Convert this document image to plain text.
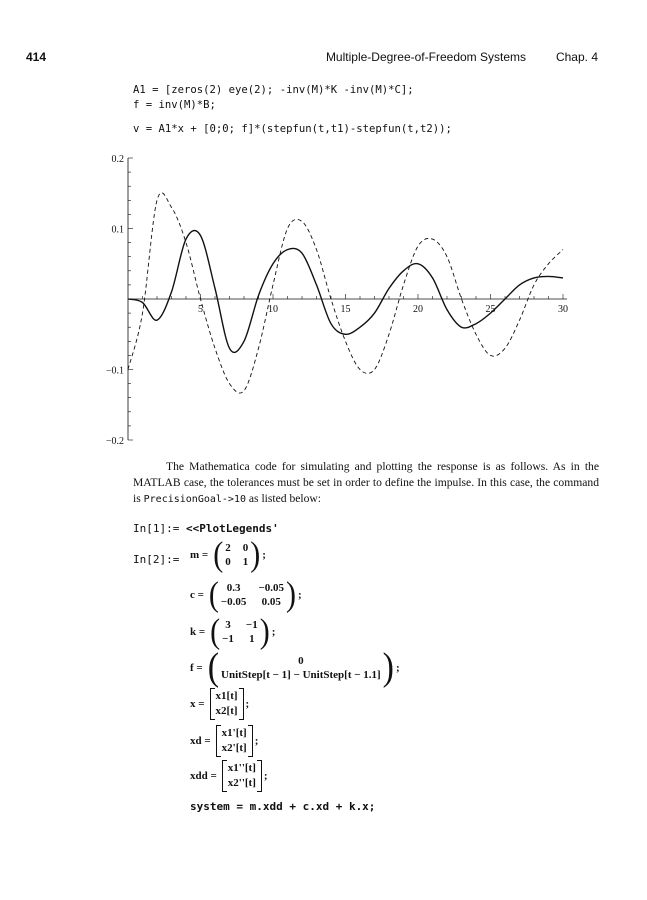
414	Multiple-Degree-of-Freedom Systems Chap. 4
A1 = [zeros(2) eye(2); -inv(M)*K -inv(M)*C];
f = inv(M)*B;
v = A1*x + [0;0; f]*(stepfun(t,t1)-stepfun(t,t2));
0.2
0.1
−0.1
−0.2
5	10	15	20	25	30

The Mathematica code for simulating and plotting the response is as follows. As in the MATLAB case, the tolerances must be set in order to define the impulse. In this case, the command is PrecisionGoal->10 as listed below:

In[1]:= <<PlotLegends'
In[2]:= m = ( 2 0
0 1 ) ;
c = ( 0.3	−0.05
−0.05 0.05 ) ;
k = ( 3 −1
−1 1 ) ;
f = (	0
UnitStep[t − 1] − UnitStep[t − 1.1] ) ;
x =
x1[t]
x2[t]
;
xd =
x1'[t]
x2'[t]
;
xdd =
x1''[t]
x2''[t]
;
system = m.xdd + c.xd + k.x;
